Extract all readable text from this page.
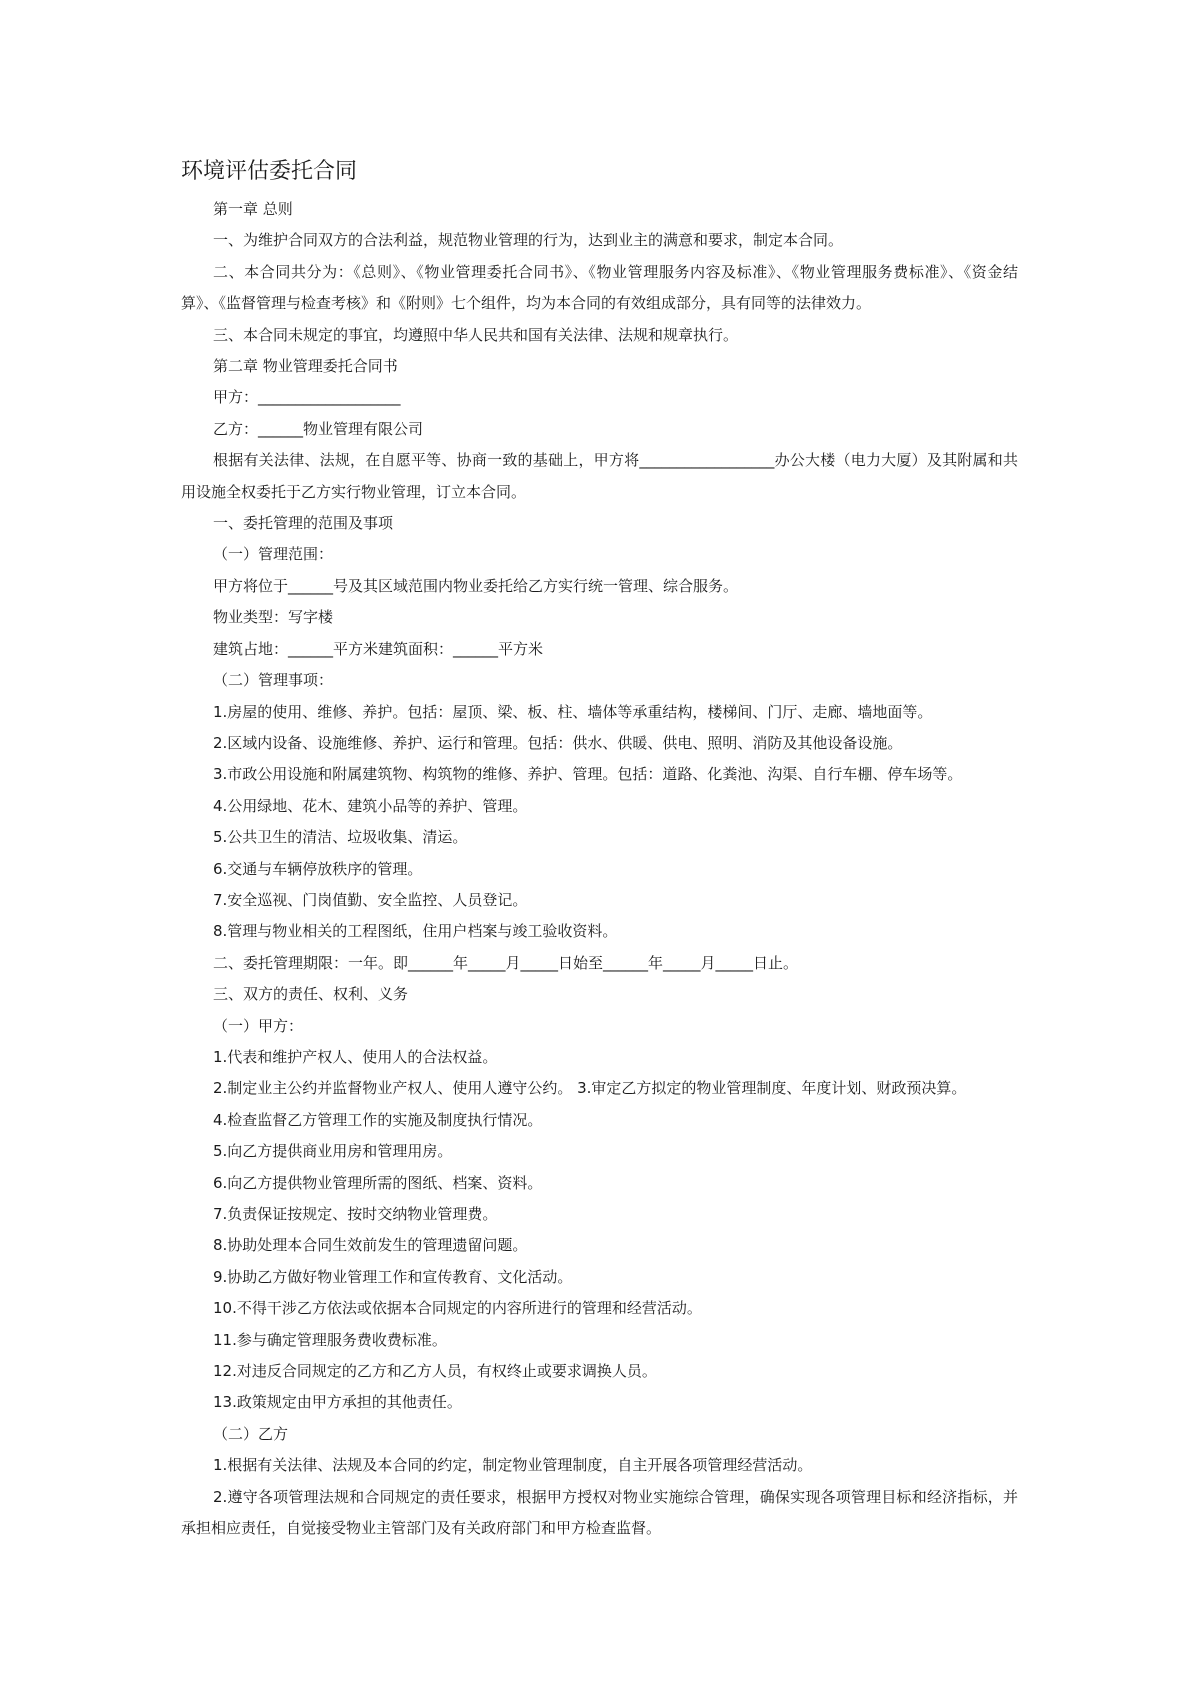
环境评估委托合同

第一章 总则

一、为维护合同双方的合法利益，规范物业管理的行为，达到业主的满意和要求，制定本合同。

二、本合同共分为：《总则》、《物业管理委托合同书》、《物业管理服务内容及标准》、《物业管理服务费标准》、《资金结算》、《监督管理与检查考核》和《附则》七个组件，均为本合同的有效组成部分，具有同等的法律效力。

三、本合同未规定的事宜，均遵照中华人民共和国有关法律、法规和规章执行。

第二章 物业管理委托合同书

甲方：___________________

乙方：______物业管理有限公司

根据有关法律、法规，在自愿平等、协商一致的基础上，甲方将__________________办公大楼（电力大厦）及其附属和共用设施全权委托于乙方实行物业管理，订立本合同。

一、委托管理的范围及事项

（一）管理范围：

甲方将位于______号及其区域范围内物业委托给乙方实行统一管理、综合服务。

物业类型：写字楼

建筑占地：______平方米建筑面积：______平方米

（二）管理事项：

1.房屋的使用、维修、养护。包括：屋顶、梁、板、柱、墙体等承重结构，楼梯间、门厅、走廊、墙地面等。

2.区域内设备、设施维修、养护、运行和管理。包括：供水、供暖、供电、照明、消防及其他设备设施。

3.市政公用设施和附属建筑物、构筑物的维修、养护、管理。包括：道路、化粪池、沟渠、自行车棚、停车场等。

4.公用绿地、花木、建筑小品等的养护、管理。

5.公共卫生的清洁、垃圾收集、清运。

6.交通与车辆停放秩序的管理。

7.安全巡视、门岗值勤、安全监控、人员登记。

8.管理与物业相关的工程图纸，住用户档案与竣工验收资料。

二、委托管理期限：一年。即______年_____月_____日始至______年_____月_____日止。

三、双方的责任、权利、义务

（一）甲方：

1.代表和维护产权人、使用人的合法权益。

2.制定业主公约并监督物业产权人、使用人遵守公约。 3.审定乙方拟定的物业管理制度、年度计划、财政预决算。

4.检查监督乙方管理工作的实施及制度执行情况。

5.向乙方提供商业用房和管理用房。

6.向乙方提供物业管理所需的图纸、档案、资料。

7.负责保证按规定、按时交纳物业管理费。

8.协助处理本合同生效前发生的管理遗留问题。

9.协助乙方做好物业管理工作和宣传教育、文化活动。

10.不得干涉乙方依法或依据本合同规定的内容所进行的管理和经营活动。

11.参与确定管理服务费收费标准。

12.对违反合同规定的乙方和乙方人员，有权终止或要求调换人员。

13.政策规定由甲方承担的其他责任。

（二）乙方

1.根据有关法律、法规及本合同的约定，制定物业管理制度，自主开展各项管理经营活动。

2.遵守各项管理法规和合同规定的责任要求，根据甲方授权对物业实施综合管理，确保实现各项管理目标和经济指标，并承担相应责任，自觉接受物业主管部门及有关政府部门和甲方检查监督。
